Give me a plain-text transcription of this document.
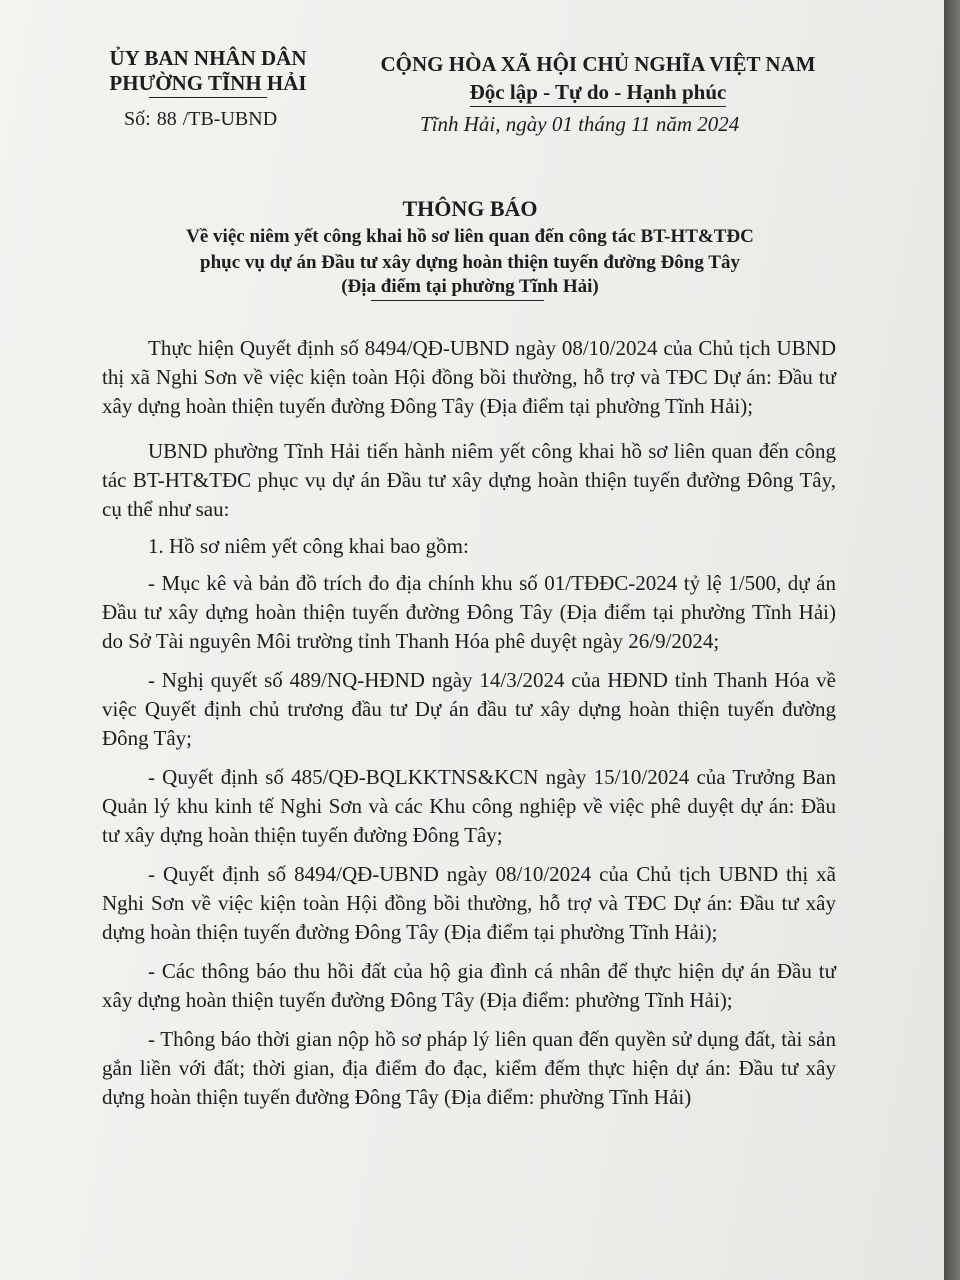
ỦY BAN NHÂN DÂN
PHƯỜNG TĨNH HẢI
Số: 88 /TB-UBND
CỘNG HÒA XÃ HỘI CHỦ NGHĨA VIỆT NAM
Độc lập - Tự do - Hạnh phúc
Tĩnh Hải, ngày 01 tháng 11 năm 2024
THÔNG BÁO
Về việc niêm yết công khai hồ sơ liên quan đến công tác BT-HT&TĐC
phục vụ dự án Đầu tư xây dựng hoàn thiện tuyến đường Đông Tây
(Địa điểm tại phường Tĩnh Hải)

Thực hiện Quyết định số 8494/QĐ-UBND ngày 08/10/2024 của Chủ tịch UBND thị xã Nghi Sơn về việc kiện toàn Hội đồng bồi thường, hỗ trợ và TĐC Dự án: Đầu tư xây dựng hoàn thiện tuyến đường Đông Tây (Địa điểm tại phường Tĩnh Hải);

UBND phường Tĩnh Hải tiến hành niêm yết công khai hồ sơ liên quan đến công tác BT-HT&TĐC phục vụ dự án Đầu tư xây dựng hoàn thiện tuyến đường Đông Tây, cụ thể như sau:

1. Hồ sơ niêm yết công khai bao gồm:

- Mục kê và bản đồ trích đo địa chính khu số 01/TĐĐC-2024 tỷ lệ 1/500, dự án Đầu tư xây dựng hoàn thiện tuyến đường Đông Tây (Địa điểm tại phường Tĩnh Hải) do Sở Tài nguyên Môi trường tỉnh Thanh Hóa phê duyệt ngày 26/9/2024;

- Nghị quyết số 489/NQ-HĐND ngày 14/3/2024 của HĐND tỉnh Thanh Hóa về việc Quyết định chủ trương đầu tư Dự án đầu tư xây dựng hoàn thiện tuyến đường Đông Tây;

- Quyết định số 485/QĐ-BQLKKTNS&KCN ngày 15/10/2024 của Trưởng Ban Quản lý khu kinh tế Nghi Sơn và các Khu công nghiệp về việc phê duyệt dự án: Đầu tư xây dựng hoàn thiện tuyến đường Đông Tây;

- Quyết định số 8494/QĐ-UBND ngày 08/10/2024 của Chủ tịch UBND thị xã Nghi Sơn về việc kiện toàn Hội đồng bồi thường, hỗ trợ và TĐC Dự án: Đầu tư xây dựng hoàn thiện tuyến đường Đông Tây (Địa điểm tại phường Tĩnh Hải);

- Các thông báo thu hồi đất của hộ gia đình cá nhân để thực hiện dự án Đầu tư xây dựng hoàn thiện tuyến đường Đông Tây (Địa điểm: phường Tĩnh Hải);

- Thông báo thời gian nộp hồ sơ pháp lý liên quan đến quyền sử dụng đất, tài sản gắn liền với đất; thời gian, địa điểm đo đạc, kiểm đếm thực hiện dự án: Đầu tư xây dựng hoàn thiện tuyến đường Đông Tây (Địa điểm: phường Tĩnh Hải)
